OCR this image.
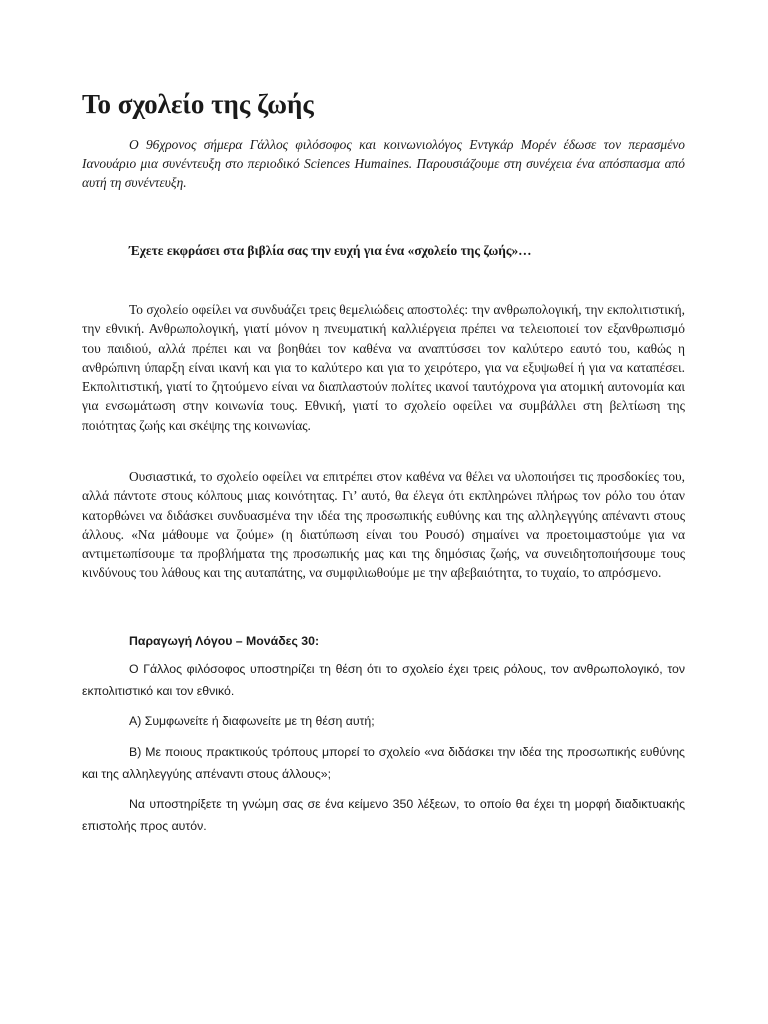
Το σχολείο της ζωής

Ο 96χρονος σήμερα Γάλλος φιλόσοφος και κοινωνιολόγος Εντγκάρ Μορέν έδωσε τον περασμένο Ιανουάριο μια συνέντευξη στο περιοδικό Sciences Humaines. Παρουσιάζουμε στη συνέχεια ένα απόσπασμα από αυτή τη συνέντευξη.

Έχετε εκφράσει στα βιβλία σας την ευχή για ένα «σχολείο της ζωής»…

Το σχολείο οφείλει να συνδυάζει τρεις θεμελιώδεις αποστολές: την ανθρωπολογική, την εκπολιτιστική, την εθνική. Ανθρωπολογική, γιατί μόνον η πνευματική καλλιέργεια πρέπει να τελειοποιεί τον εξανθρωπισμό του παιδιού, αλλά πρέπει και να βοηθάει τον καθένα να αναπτύσσει τον καλύτερο εαυτό του, καθώς η ανθρώπινη ύπαρξη είναι ικανή και για το καλύτερο και για το χειρότερο, για να εξυψωθεί ή για να καταπέσει. Εκπολιτιστική, γιατί το ζητούμενο είναι να διαπλαστούν πολίτες ικανοί ταυτόχρονα για ατομική αυτονομία και για ενσωμάτωση στην κοινωνία τους. Εθνική, γιατί το σχολείο οφείλει να συμβάλλει στη βελτίωση της ποιότητας ζωής και σκέψης της κοινωνίας.

Ουσιαστικά, το σχολείο οφείλει να επιτρέπει στον καθένα να θέλει να υλοποιήσει τις προσδοκίες του, αλλά πάντοτε στους κόλπους μιας κοινότητας. Γι’ αυτό, θα έλεγα ότι εκπληρώνει πλήρως τον ρόλο του όταν κατορθώνει να διδάσκει συνδυασμένα την ιδέα της προσωπικής ευθύνης και της αλληλεγγύης απέναντι στους άλλους. «Να μάθουμε να ζούμε» (η διατύπωση είναι του Ρουσό) σημαίνει να προετοιμαστούμε για να αντιμετωπίσουμε τα προβλήματα της προσωπικής μας και της δημόσιας ζωής, να συνειδητοποιήσουμε τους κινδύνους του λάθους και της αυταπάτης, να συμφιλιωθούμε με την αβεβαιότητα, το τυχαίο, το απρόσμενο.

Παραγωγή Λόγου – Μονάδες 30:

Ο Γάλλος φιλόσοφος υποστηρίζει τη θέση ότι το σχολείο έχει τρεις ρόλους, τον ανθρωπολογικό, τον εκπολιτιστικό και τον εθνικό.

Α) Συμφωνείτε ή διαφωνείτε με τη θέση αυτή;

Β) Με ποιους πρακτικούς τρόπους μπορεί το σχολείο «να διδάσκει την ιδέα της προσωπικής ευθύνης και της αλληλεγγύης απέναντι στους άλλους»;

Να υποστηρίξετε τη γνώμη σας σε ένα κείμενο 350 λέξεων, το οποίο θα έχει τη μορφή διαδικτυακής επιστολής προς αυτόν.
